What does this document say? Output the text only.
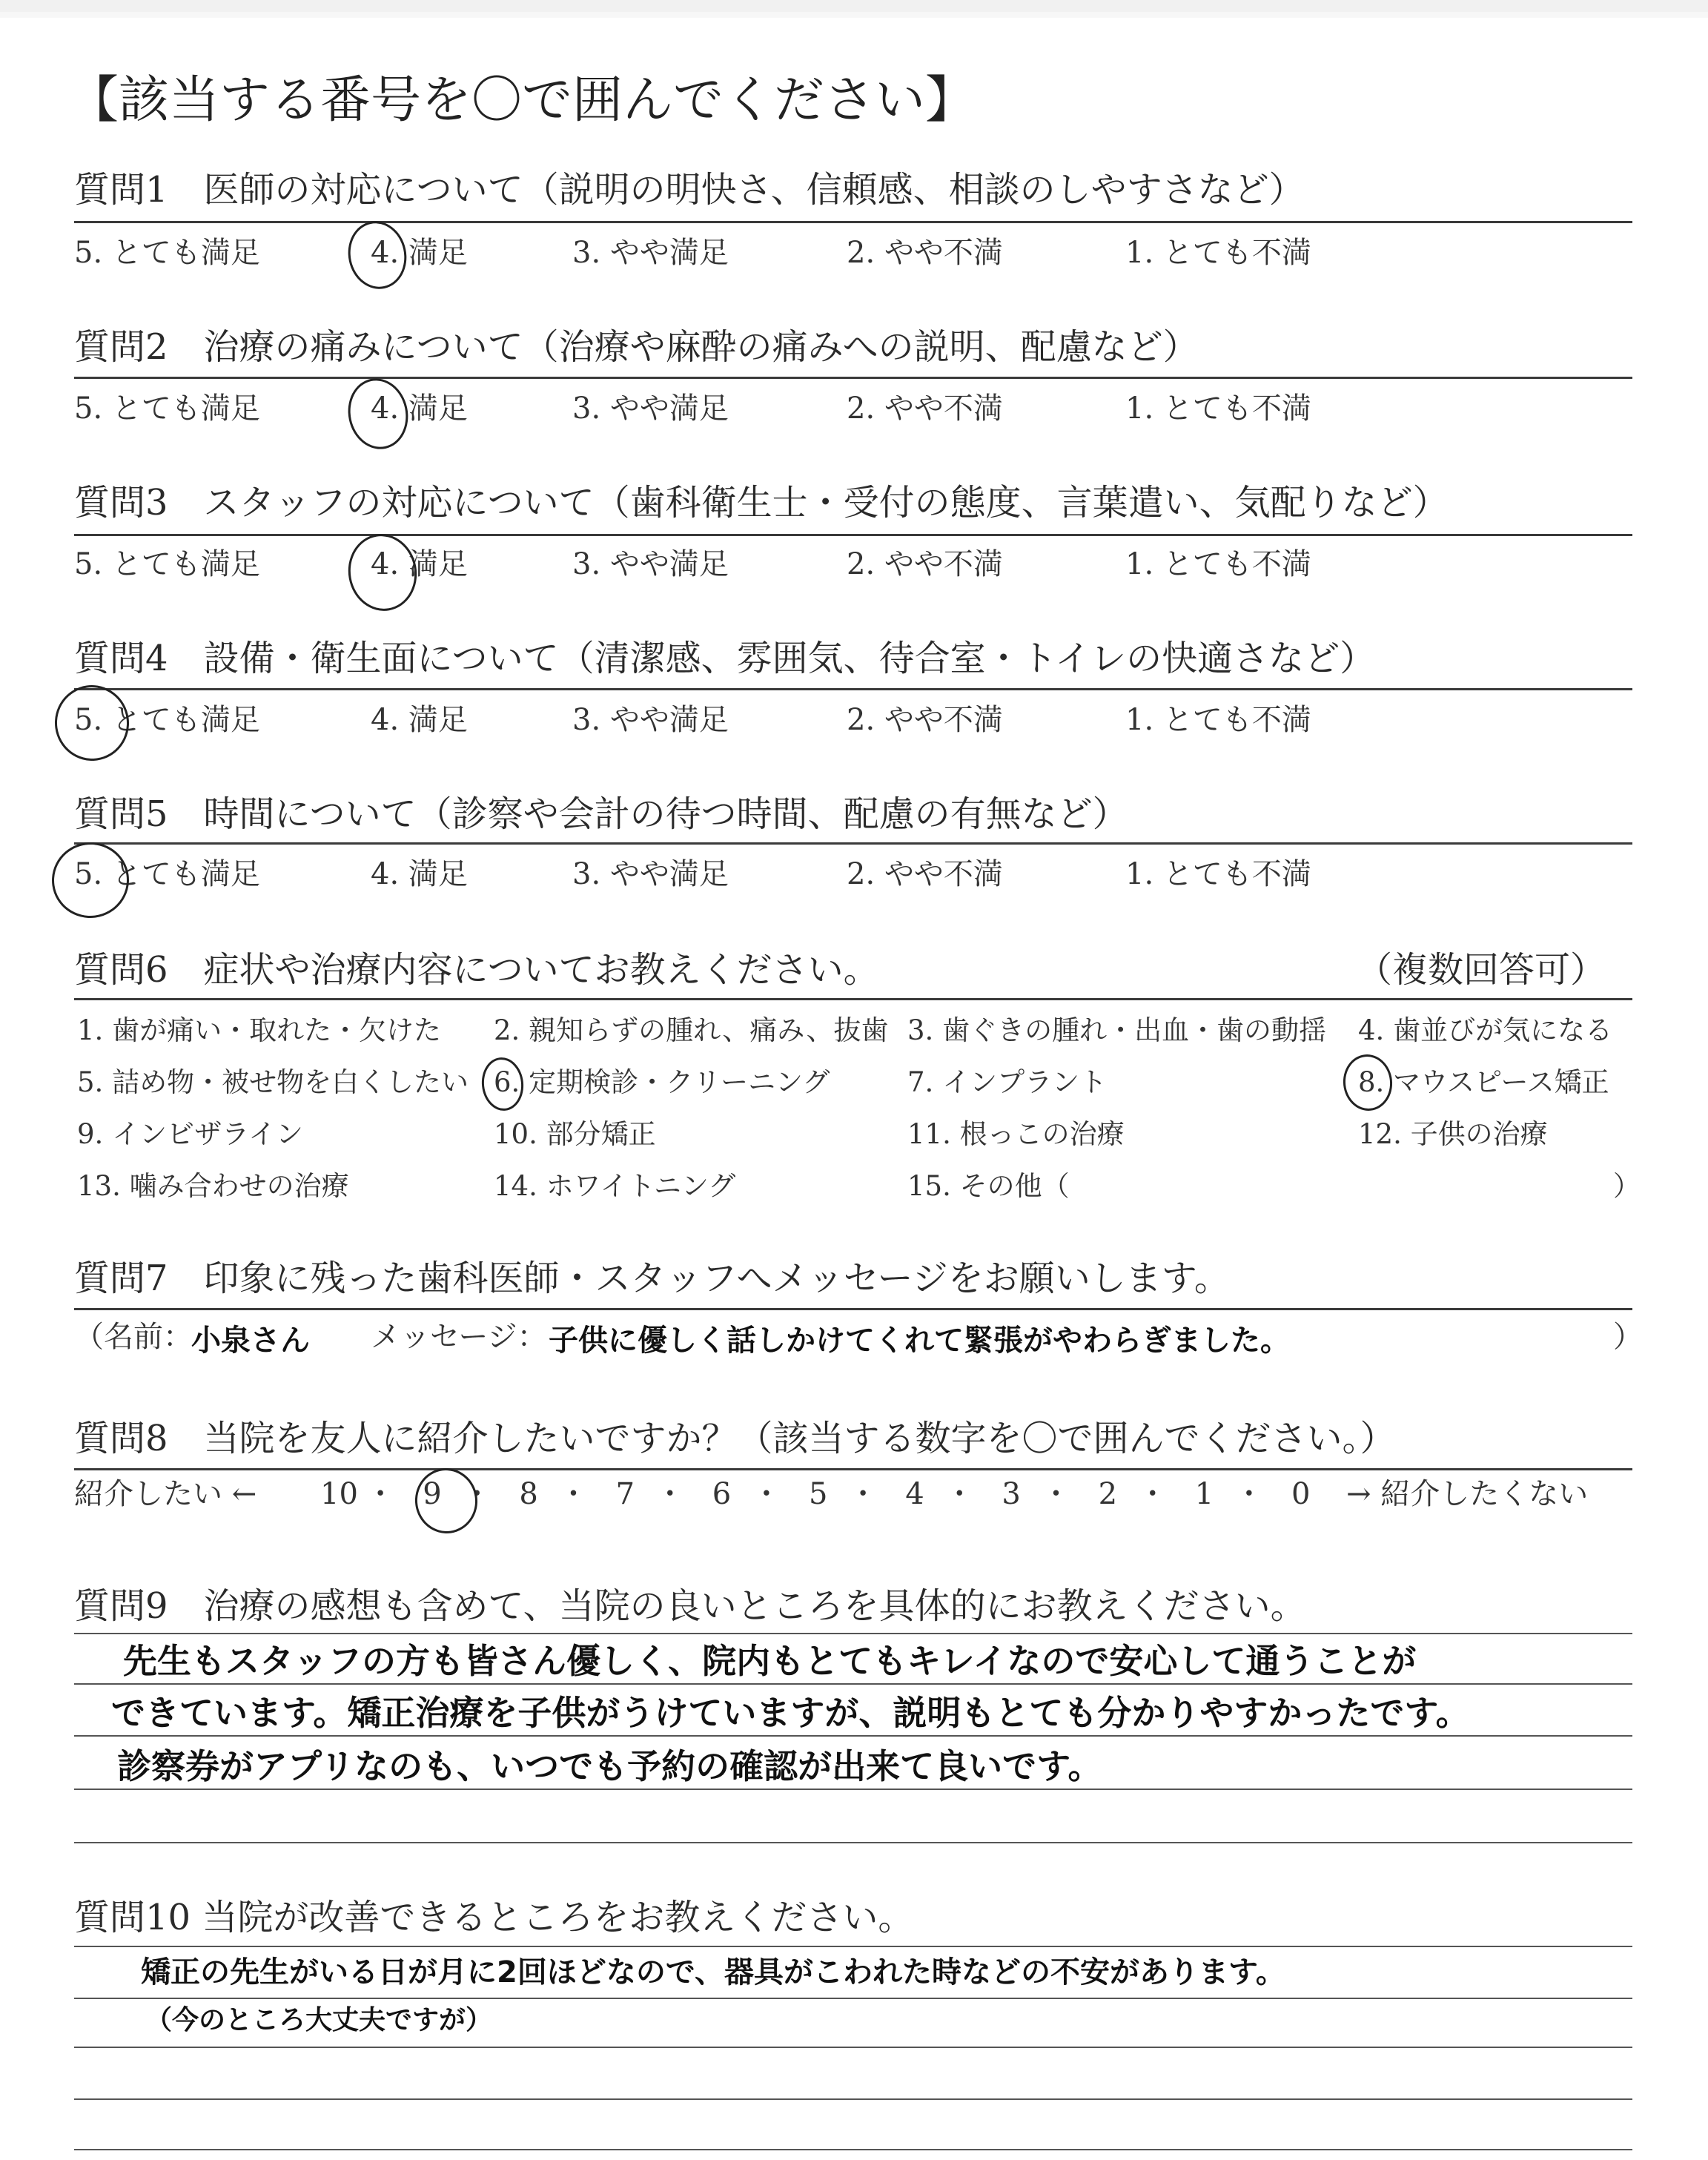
【該当する番号を〇で囲んでください】
質問1　医師の対応について（説明の明快さ、信頼感、相談のしやすさなど）
5. とても満足	4. 満足	3. やや満足	2. やや不満	1. とても不満
質問2　治療の痛みについて（治療や麻酔の痛みへの説明、配慮など）
5. とても満足	4. 満足	3. やや満足	2. やや不満	1. とても不満
質問3　スタッフの対応について（歯科衛生士・受付の態度、言葉遣い、気配りなど）
5. とても満足	4. 満足	3. やや満足	2. やや不満	1. とても不満
質問4　設備・衛生面について（清潔感、雰囲気、待合室・トイレの快適さなど）
5. とても満足	4. 満足	3. やや満足	2. やや不満	1. とても不満
質問5　時間について（診察や会計の待つ時間、配慮の有無など）
5. とても満足	4. 満足	3. やや満足	2. やや不満	1. とても不満
質問6　症状や治療内容についてお教えください。	（複数回答可）
1. 歯が痛い・取れた・欠けた 2. 親知らずの腫れ、痛み、抜歯 3. 歯ぐきの腫れ・出血・歯の動揺 4. 歯並びが気になる
5. 詰め物・被せ物を白くしたい 6. 定期検診・クリーニング	7. インプラント	8. マウスピース矯正
9. インビザライン	10. 部分矯正	11. 根っこの治療	12. 子供の治療
13. 噛み合わせの治療	14. ホワイトニング	15. その他（	）
質問7　印象に残った歯科医師・スタッフへメッセージをお願いします。
（名前：
小泉さん メッセージ： 子供に優しく話しかけてくれて緊張がやわらぎました。	）
質問8　当院を友人に紹介したいですか？（該当する数字を〇で囲んでください。）
紹介したい ← 10 ・ 9 ・ 8 ・ 7 ・ 6 ・ 5 ・ 4 ・ 3 ・ 2 ・ 1 ・ 0 → 紹介したくない
質問9　治療の感想も含めて、当院の良いところを具体的にお教えください。
先生もスタッフの方も皆さん優しく、院内もとてもキレイなので安心して通うことが
できています。矯正治療を子供がうけていますが、説明もとても分かりやすかったです。
診察券がアプリなのも、いつでも予約の確認が出来て良いです。
質問10 当院が改善できるところをお教えください。
矯正の先生がいる日が月に2回ほどなので、器具がこわれた時などの不安があります。
（今のところ大丈夫ですが）
